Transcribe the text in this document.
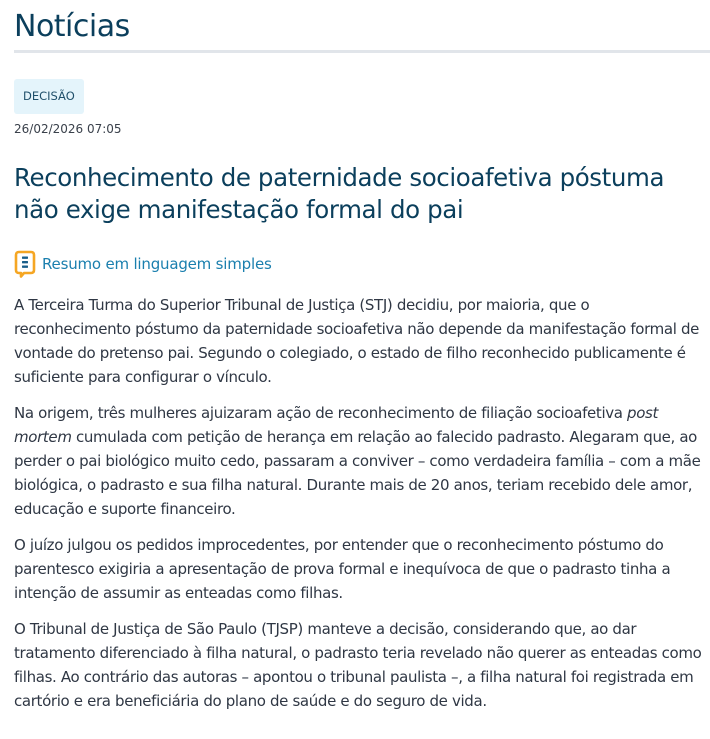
Notícias
DECISÃO
26/02/2026 07:05
Reconhecimento de paternidade socioafetiva póstuma não exige manifestação formal do pai
Resumo em linguagem simples

A Terceira Turma do Superior Tribunal de Justiça (STJ) decidiu, por maioria, que o reconhecimento póstumo da paternidade socioafetiva não depende da manifestação formal de vontade do pretenso pai. Segundo o colegiado, o estado de filho reconhecido publicamente é suficiente para configurar o vínculo.

Na origem, três mulheres ajuizaram ação de reconhecimento de filiação socioafetiva post mortem cumulada com petição de herança em relação ao falecido padrasto. Alegaram que, ao perder o pai biológico muito cedo, passaram a conviver – como verdadeira família – com a mãe biológica, o padrasto e sua filha natural. Durante mais de 20 anos, teriam recebido dele amor, educação e suporte financeiro.

O juízo julgou os pedidos improcedentes, por entender que o reconhecimento póstumo do parentesco exigiria a apresentação de prova formal e inequívoca de que o padrasto tinha a intenção de assumir as enteadas como filhas.

O Tribunal de Justiça de São Paulo (TJSP) manteve a decisão, considerando que, ao dar tratamento diferenciado à filha natural, o padrasto teria revelado não querer as enteadas como filhas. Ao contrário das autoras – apontou o tribunal paulista –, a filha natural foi registrada em cartório e era beneficiária do plano de saúde e do seguro de vida.
